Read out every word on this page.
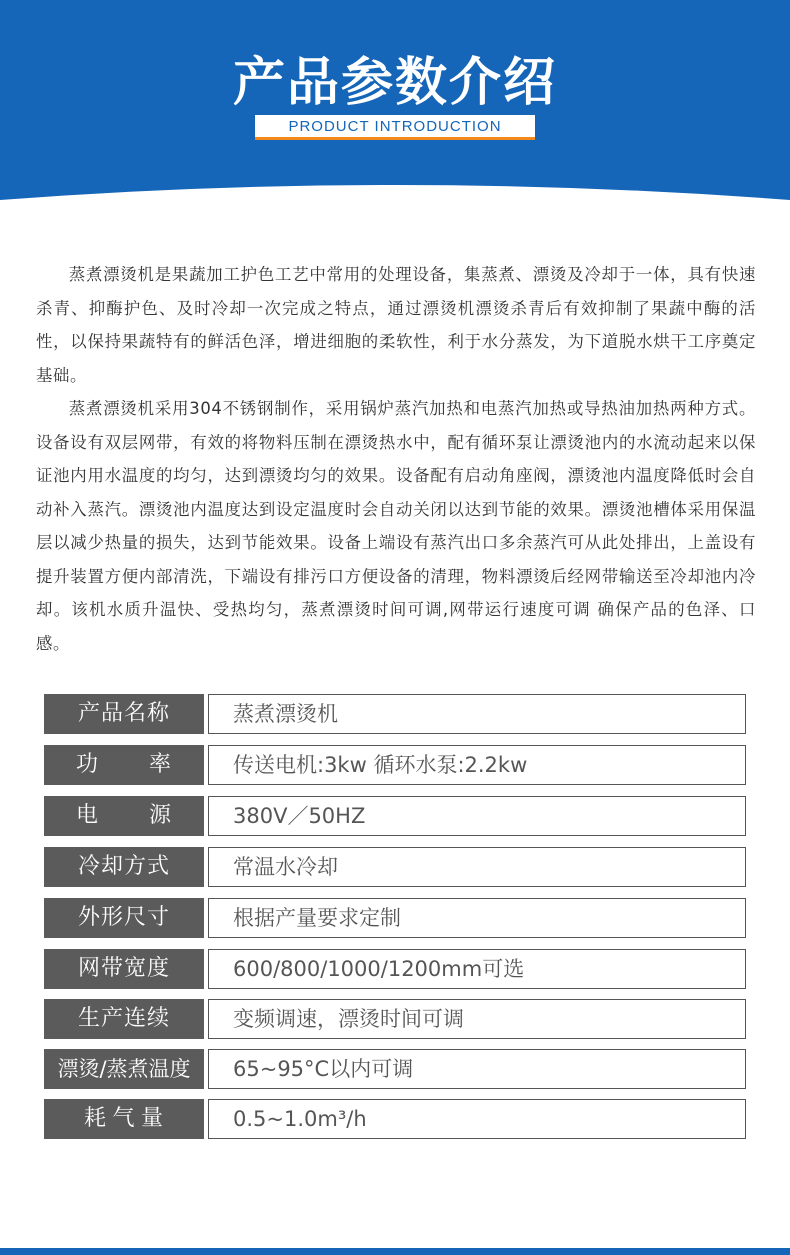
产品参数介绍
PRODUCT INTRODUCTION

蒸煮漂烫机是果蔬加工护色工艺中常用的处理设备，集蒸煮、漂烫及冷却于一体，具有快速杀青、抑酶护色、及时冷却一次完成之特点，通过漂烫机漂烫杀青后有效抑制了果蔬中酶的活性，以保持果蔬特有的鲜活色泽，增进细胞的柔软性，利于水分蒸发，为下道脱水烘干工序奠定基础。

蒸煮漂烫机采用304不锈钢制作，采用锅炉蒸汽加热和电蒸汽加热或导热油加热两种方式。设备设有双层网带，有效的将物料压制在漂烫热水中，配有循环泵让漂烫池内的水流动起来以保证池内用水温度的均匀，达到漂烫均匀的效果。设备配有启动角座阀，漂烫池内温度降低时会自动补入蒸汽。漂烫池内温度达到设定温度时会自动关闭以达到节能的效果。漂烫池槽体采用保温层以减少热量的损失，达到节能效果。设备上端设有蒸汽出口多余蒸汽可从此处排出，上盖设有提升装置方便内部清洗，下端设有排污口方便设备的清理，物料漂烫后经网带输送至冷却池内冷却。该机水质升温快、受热均匀，蒸煮漂烫时间可调,网带运行速度可调 确保产品的色泽、口感。

产品名称	蒸煮漂烫机
功率	传送电机:3kw 循环水泵:2.2kw
电源	380V／50HZ
冷却方式	常温水冷却
外形尺寸	根据产量要求定制
网带宽度	600/800/1000/1200mm可选
生产连续	变频调速，漂烫时间可调
漂烫/蒸煮温度	65~95°C以内可调
耗气量	0.5~1.0m³/h
